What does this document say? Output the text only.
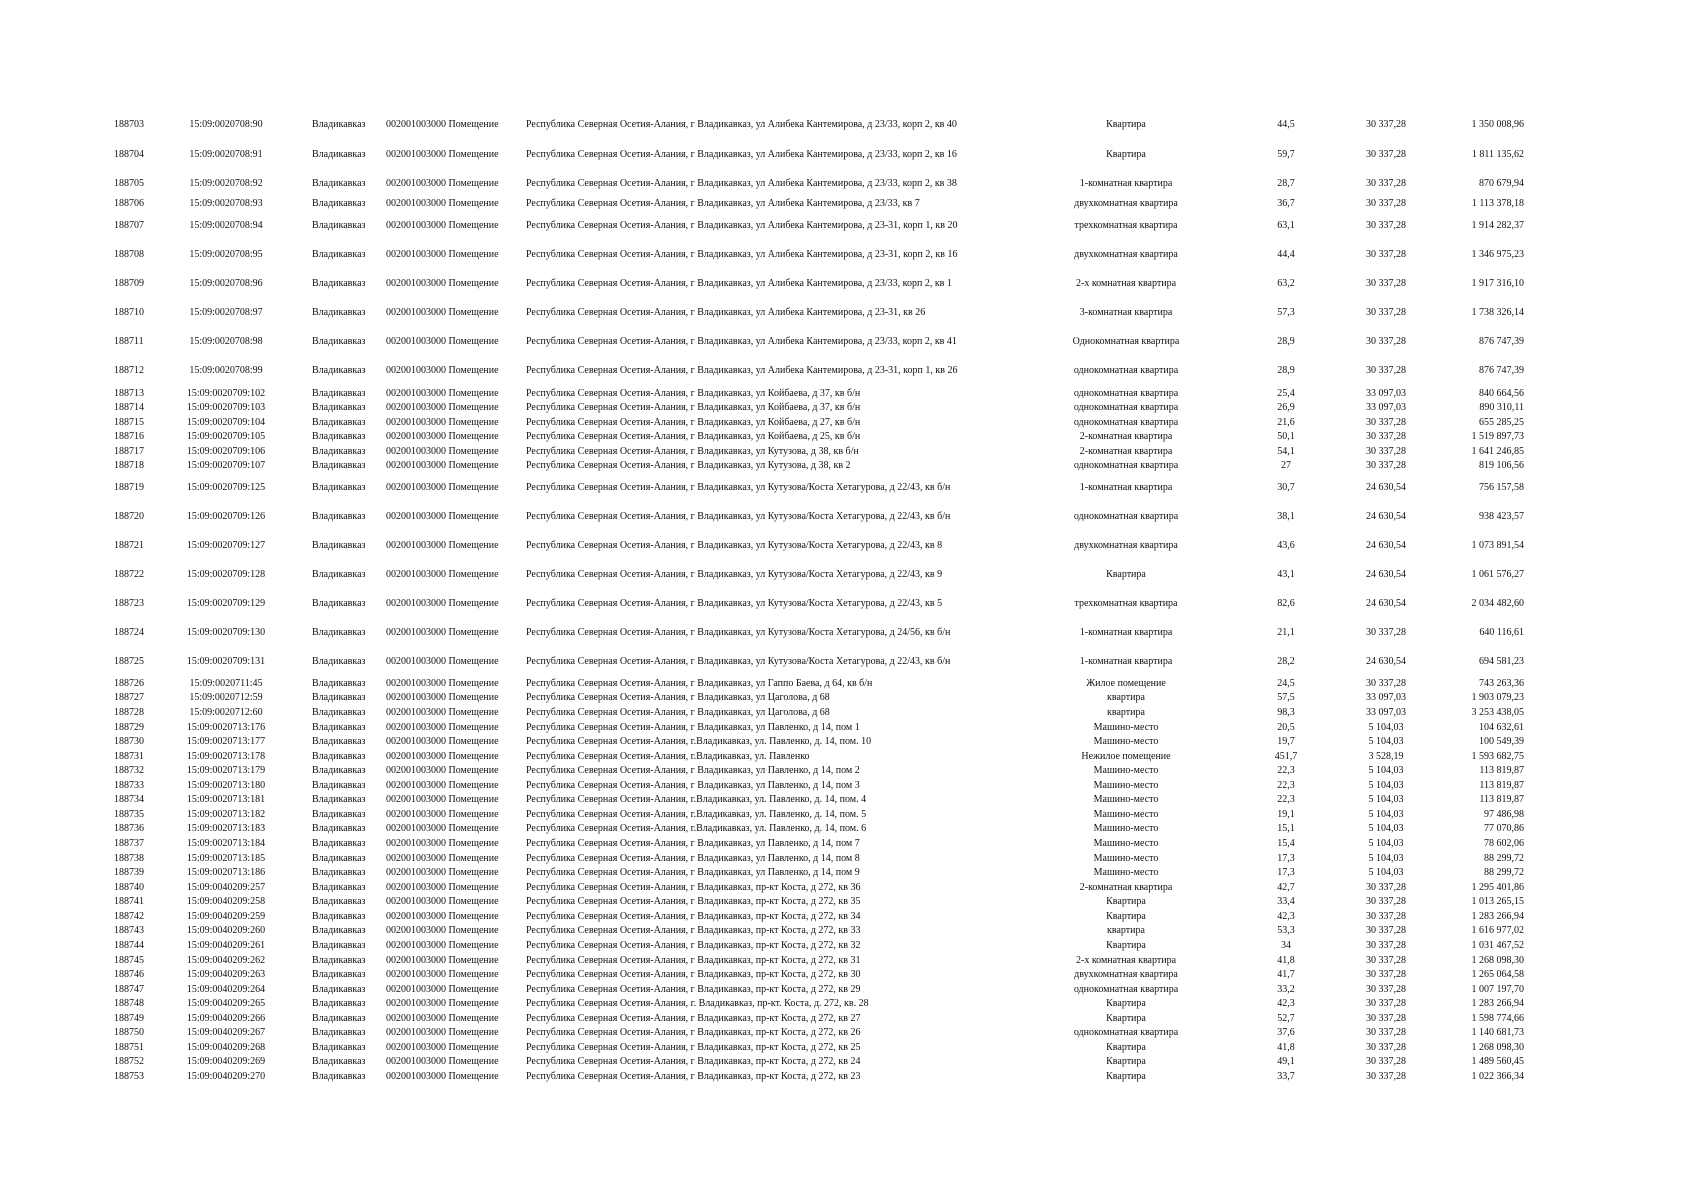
188703	15:09:0020708:90	Владикавказ 002001003000 Помещение	Республика Северная Осетия-Алания, г Владикавказ, ул Алибека Кантемирова, д 23/33, корп 2, кв 40	Квартира	44,5	30 337,28	1 350 008,96
188704	15:09:0020708:91	Владикавказ 002001003000 Помещение	Республика Северная Осетия-Алания, г Владикавказ, ул Алибека Кантемирова, д 23/33, корп 2, кв 16	Квартира	59,7	30 337,28	1 811 135,62
188705	15:09:0020708:92	Владикавказ 002001003000 Помещение	Республика Северная Осетия-Алания, г Владикавказ, ул Алибека Кантемирова, д 23/33, корп 2, кв 38	1-комнатная квартира	28,7	30 337,28	870 679,94
188706	15:09:0020708:93	Владикавказ 002001003000 Помещение	Республика Северная Осетия-Алания, г Владикавказ, ул Алибека Кантемирова, д 23/33, кв 7	двухкомнатная квартира	36,7	30 337,28	1 113 378,18
188707	15:09:0020708:94	Владикавказ 002001003000 Помещение	Республика Северная Осетия-Алания, г Владикавказ, ул Алибека Кантемирова, д 23-31, корп 1, кв 20	трехкомнатная квартира	63,1	30 337,28	1 914 282,37
188708	15:09:0020708:95	Владикавказ 002001003000 Помещение	Республика Северная Осетия-Алания, г Владикавказ, ул Алибека Кантемирова, д 23-31, корп 2, кв 16	двухкомнатная квартира	44,4	30 337,28	1 346 975,23
188709	15:09:0020708:96	Владикавказ 002001003000 Помещение	Республика Северная Осетия-Алания, г Владикавказ, ул Алибека Кантемирова, д 23/33, корп 2, кв 1	2-х комнатная квартира	63,2	30 337,28	1 917 316,10
188710	15:09:0020708:97	Владикавказ 002001003000 Помещение	Республика Северная Осетия-Алания, г Владикавказ, ул Алибека Кантемирова, д 23-31, кв 26	3-комнатная квартира	57,3	30 337,28	1 738 326,14
188711	15:09:0020708:98	Владикавказ 002001003000 Помещение	Республика Северная Осетия-Алания, г Владикавказ, ул Алибека Кантемирова, д 23/33, корп 2, кв 41	Однокомнатная квартира	28,9	30 337,28	876 747,39
188712	15:09:0020708:99	Владикавказ 002001003000 Помещение	Республика Северная Осетия-Алания, г Владикавказ, ул Алибека Кантемирова, д 23-31, корп 1, кв 26	однокомнатная квартира	28,9	30 337,28	876 747,39
188713	15:09:0020709:102	Владикавказ 002001003000 Помещение	Республика Северная Осетия-Алания, г Владикавказ, ул Койбаева, д 37, кв б/н	однокомнатная квартира	25,4	33 097,03	840 664,56
188714	15:09:0020709:103	Владикавказ 002001003000 Помещение	Республика Северная Осетия-Алания, г Владикавказ, ул Койбаева, д 37, кв б/н	однокомнатная квартира	26,9	33 097,03	890 310,11
188715	15:09:0020709:104	Владикавказ 002001003000 Помещение	Республика Северная Осетия-Алания, г Владикавказ, ул Койбаева, д 27, кв б/н	однокомнатная квартира	21,6	30 337,28	655 285,25
188716	15:09:0020709:105	Владикавказ 002001003000 Помещение	Республика Северная Осетия-Алания, г Владикавказ, ул Койбаева, д 25, кв б/н	2-комнатная квартира	50,1	30 337,28	1 519 897,73
188717	15:09:0020709:106	Владикавказ 002001003000 Помещение	Республика Северная Осетия-Алания, г Владикавказ, ул Кутузова, д 38, кв б/н	2-комнатная квартира	54,1	30 337,28	1 641 246,85
188718	15:09:0020709:107	Владикавказ 002001003000 Помещение	Республика Северная Осетия-Алания, г Владикавказ, ул Кутузова, д 38, кв 2	однокомнатная квартира	27	30 337,28	819 106,56
188719	15:09:0020709:125	Владикавказ 002001003000 Помещение	Республика Северная Осетия-Алания, г Владикавказ, ул Кутузова/Коста Хетагурова, д 22/43, кв б/н	1-комнатная квартира	30,7	24 630,54	756 157,58
188720	15:09:0020709:126	Владикавказ 002001003000 Помещение	Республика Северная Осетия-Алания, г Владикавказ, ул Кутузова/Коста Хетагурова, д 22/43, кв б/н	однокомнатная квартира	38,1	24 630,54	938 423,57
188721	15:09:0020709:127	Владикавказ 002001003000 Помещение	Республика Северная Осетия-Алания, г Владикавказ, ул Кутузова/Коста Хетагурова, д 22/43, кв 8	двухкомнатная квартира	43,6	24 630,54	1 073 891,54
188722	15:09:0020709:128	Владикавказ 002001003000 Помещение	Республика Северная Осетия-Алания, г Владикавказ, ул Кутузова/Коста Хетагурова, д 22/43, кв 9	Квартира	43,1	24 630,54	1 061 576,27
188723	15:09:0020709:129	Владикавказ 002001003000 Помещение	Республика Северная Осетия-Алания, г Владикавказ, ул Кутузова/Коста Хетагурова, д 22/43, кв 5	трехкомнатная квартира	82,6	24 630,54	2 034 482,60
188724	15:09:0020709:130	Владикавказ 002001003000 Помещение	Республика Северная Осетия-Алания, г Владикавказ, ул Кутузова/Коста Хетагурова, д 24/56, кв б/н	1-комнатная квартира	21,1	30 337,28	640 116,61
188725	15:09:0020709:131	Владикавказ 002001003000 Помещение	Республика Северная Осетия-Алания, г Владикавказ, ул Кутузова/Коста Хетагурова, д 22/43, кв б/н	1-комнатная квартира	28,2	24 630,54	694 581,23
188726	15:09:0020711:45	Владикавказ 002001003000 Помещение	Республика Северная Осетия-Алания, г Владикавказ, ул Гаппо Баева, д 64, кв б/н	Жилое помещение	24,5	30 337,28	743 263,36
188727	15:09:0020712:59	Владикавказ 002001003000 Помещение	Республика Северная Осетия-Алания, г Владикавказ, ул Цаголова, д 68	квартира	57,5	33 097,03	1 903 079,23
188728	15:09:0020712:60	Владикавказ 002001003000 Помещение	Республика Северная Осетия-Алания, г Владикавказ, ул Цаголова, д 68	квартира	98,3	33 097,03	3 253 438,05
188729	15:09:0020713:176	Владикавказ 002001003000 Помещение	Республика Северная Осетия-Алания, г Владикавказ, ул Павленко, д 14, пом 1	Машино-место	20,5	5 104,03	104 632,61
188730	15:09:0020713:177	Владикавказ 002001003000 Помещение	Республика Северная Осетия-Алания, г.Владикавказ, ул. Павленко, д. 14, пом. 10	Машино-место	19,7	5 104,03	100 549,39
188731	15:09:0020713:178	Владикавказ 002001003000 Помещение	Республика Северная Осетия-Алания, г.Владикавказ, ул. Павленко	Нежилое помещение	451,7	3 528,19	1 593 682,75
188732	15:09:0020713:179	Владикавказ 002001003000 Помещение	Республика Северная Осетия-Алания, г Владикавказ, ул Павленко, д 14, пом 2	Машино-место	22,3	5 104,03	113 819,87
188733	15:09:0020713:180	Владикавказ 002001003000 Помещение	Республика Северная Осетия-Алания, г Владикавказ, ул Павленко, д 14, пом 3	Машино-место	22,3	5 104,03	113 819,87
188734	15:09:0020713:181	Владикавказ 002001003000 Помещение	Республика Северная Осетия-Алания, г.Владикавказ, ул. Павленко, д. 14, пом. 4	Машино-место	22,3	5 104,03	113 819,87
188735	15:09:0020713:182	Владикавказ 002001003000 Помещение	Республика Северная Осетия-Алания, г.Владикавказ, ул. Павленко, д. 14, пом. 5	Машино-место	19,1	5 104,03	97 486,98
188736	15:09:0020713:183	Владикавказ 002001003000 Помещение	Республика Северная Осетия-Алания, г.Владикавказ, ул. Павленко, д. 14, пом. 6	Машино-место	15,1	5 104,03	77 070,86
188737	15:09:0020713:184	Владикавказ 002001003000 Помещение	Республика Северная Осетия-Алания, г Владикавказ, ул Павленко, д 14, пом 7	Машино-место	15,4	5 104,03	78 602,06
188738	15:09:0020713:185	Владикавказ 002001003000 Помещение	Республика Северная Осетия-Алания, г Владикавказ, ул Павленко, д 14, пом 8	Машино-место	17,3	5 104,03	88 299,72
188739	15:09:0020713:186	Владикавказ 002001003000 Помещение	Республика Северная Осетия-Алания, г Владикавказ, ул Павленко, д 14, пом 9	Машино-место	17,3	5 104,03	88 299,72
188740	15:09:0040209:257	Владикавказ 002001003000 Помещение	Республика Северная Осетия-Алания, г Владикавказ, пр-кт Коста, д 272, кв 36	2-комнатная квартира	42,7	30 337,28	1 295 401,86
188741	15:09:0040209:258	Владикавказ 002001003000 Помещение	Республика Северная Осетия-Алания, г Владикавказ, пр-кт Коста, д 272, кв 35	Квартира	33,4	30 337,28	1 013 265,15
188742	15:09:0040209:259	Владикавказ 002001003000 Помещение	Республика Северная Осетия-Алания, г Владикавказ, пр-кт Коста, д 272, кв 34	Квартира	42,3	30 337,28	1 283 266,94
188743	15:09:0040209:260	Владикавказ 002001003000 Помещение	Республика Северная Осетия-Алания, г Владикавказ, пр-кт Коста, д 272, кв 33	квартира	53,3	30 337,28	1 616 977,02
188744	15:09:0040209:261	Владикавказ 002001003000 Помещение	Республика Северная Осетия-Алания, г Владикавказ, пр-кт Коста, д 272, кв 32	Квартира	34	30 337,28	1 031 467,52
188745	15:09:0040209:262	Владикавказ 002001003000 Помещение	Республика Северная Осетия-Алания, г Владикавказ, пр-кт Коста, д 272, кв 31	2-х комнатная квартира	41,8	30 337,28	1 268 098,30
188746	15:09:0040209:263	Владикавказ 002001003000 Помещение	Республика Северная Осетия-Алания, г Владикавказ, пр-кт Коста, д 272, кв 30	двухкомнатная квартира	41,7	30 337,28	1 265 064,58
188747	15:09:0040209:264	Владикавказ 002001003000 Помещение	Республика Северная Осетия-Алания, г Владикавказ, пр-кт Коста, д 272, кв 29	однокомнатная квартира	33,2	30 337,28	1 007 197,70
188748	15:09:0040209:265	Владикавказ 002001003000 Помещение	Республика Северная Осетия-Алания, г. Владикавказ, пр-кт. Коста, д. 272, кв. 28	Квартира	42,3	30 337,28	1 283 266,94
188749	15:09:0040209:266	Владикавказ 002001003000 Помещение	Республика Северная Осетия-Алания, г Владикавказ, пр-кт Коста, д 272, кв 27	Квартира	52,7	30 337,28	1 598 774,66
188750	15:09:0040209:267	Владикавказ 002001003000 Помещение	Республика Северная Осетия-Алания, г Владикавказ, пр-кт Коста, д 272, кв 26	однокомнатная квартира	37,6	30 337,28	1 140 681,73
188751	15:09:0040209:268	Владикавказ 002001003000 Помещение	Республика Северная Осетия-Алания, г Владикавказ, пр-кт Коста, д 272, кв 25	Квартира	41,8	30 337,28	1 268 098,30
188752	15:09:0040209:269	Владикавказ 002001003000 Помещение	Республика Северная Осетия-Алания, г Владикавказ, пр-кт Коста, д 272, кв 24	Квартира	49,1	30 337,28	1 489 560,45
188753	15:09:0040209:270	Владикавказ 002001003000 Помещение	Республика Северная Осетия-Алания, г Владикавказ, пр-кт Коста, д 272, кв 23	Квартира	33,7	30 337,28	1 022 366,34
